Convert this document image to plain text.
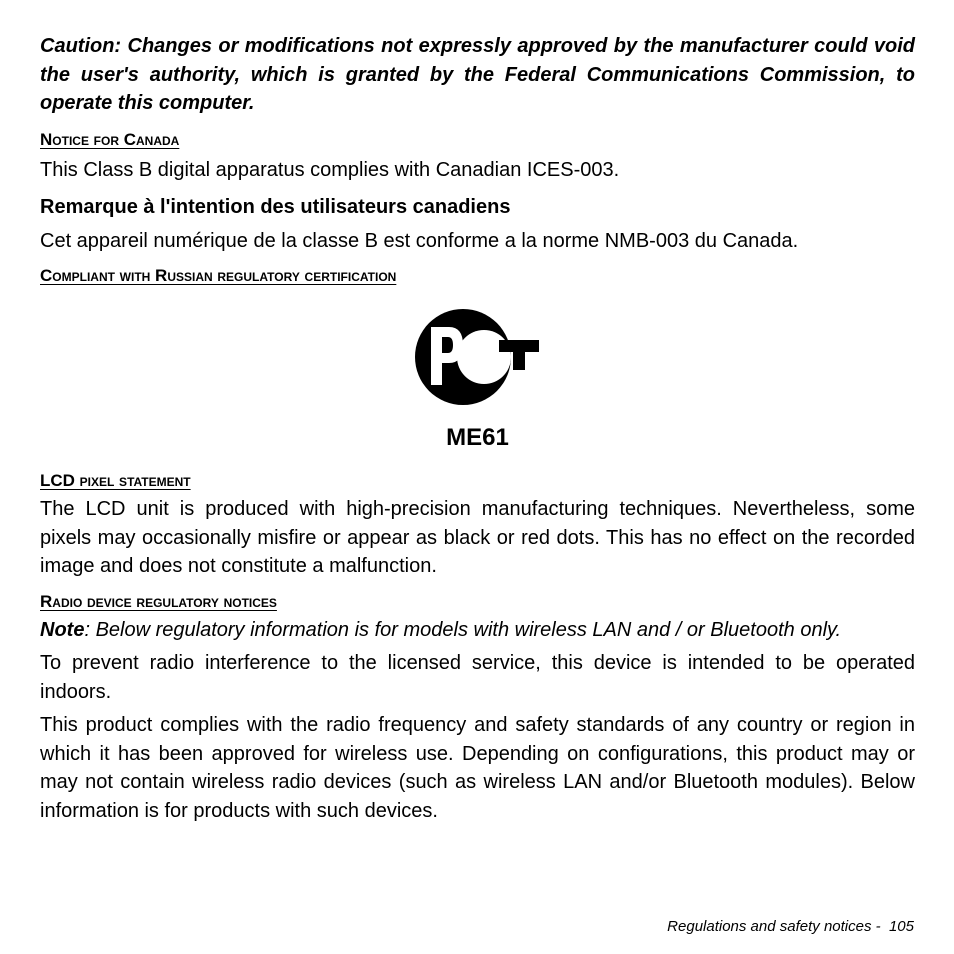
Caution: Changes or modifications not expressly approved by the manufacturer could void the user's authority, which is granted by the Federal Communications Commission, to operate this computer.

Notice for Canada

This Class B digital apparatus complies with Canadian ICES-003.

Remarque à l'intention des utilisateurs canadiens

Cet appareil numérique de la classe B est conforme a la norme NMB-003 du Canada.

Compliant with Russian regulatory certification
ME61
LCD pixel statement

The LCD unit is produced with high-precision manufacturing techniques. Nevertheless, some pixels may occasionally misfire or appear as black or red dots. This has no effect on the recorded image and does not constitute a malfunction.

Radio device regulatory notices

Note: Below regulatory information is for models with wireless LAN and / or Bluetooth only.

To prevent radio interference to the licensed service, this device is intended to be operated indoors.

This product complies with the radio frequency and safety standards of any country or region in which it has been approved for wireless use. Depending on configurations, this product may or may not contain wireless radio devices (such as wireless LAN and/or Bluetooth modules). Below information is for products with such devices.

Regulations and safety notices -  105
